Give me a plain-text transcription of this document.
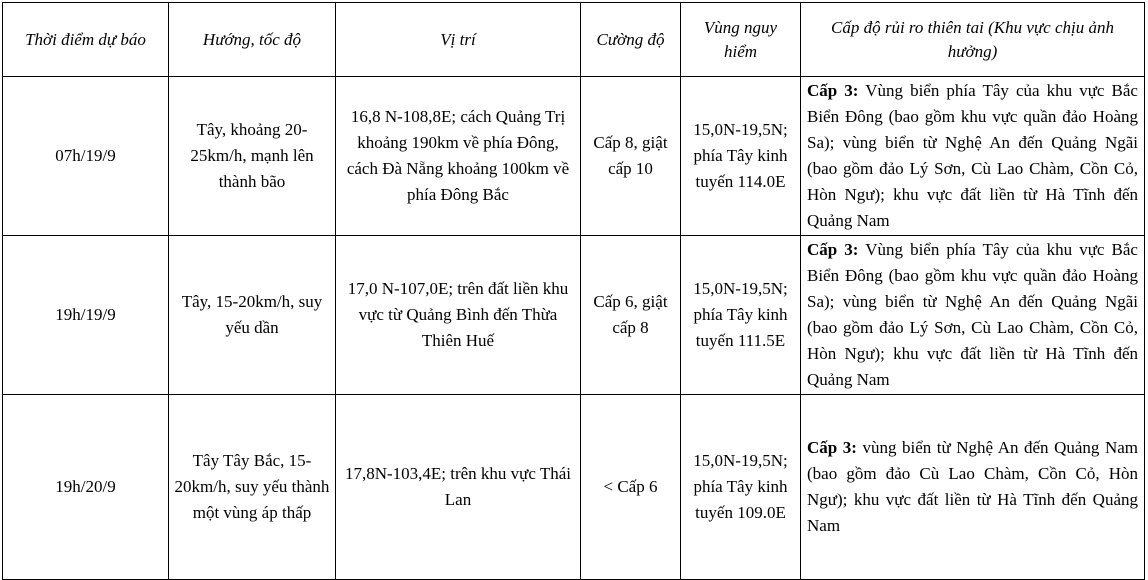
Thời điểm dự báo	Hướng, tốc độ	Vị trí	Cường độ	Vùng nguy hiểm	Cấp độ rủi ro thiên tai (Khu vực chịu ảnh hưởng)
07h/19/9	Tây, khoảng 20-25km/h, mạnh lên thành bão	16,8 N-108,8E; cách Quảng Trị khoảng 190km về phía Đông, cách Đà Nẵng khoảng 100km về phía Đông Bắc	Cấp 8, giật cấp 10	15,0N-19,5N; phía Tây kinh tuyến 114.0E	Cấp 3: Vùng biển phía Tây của khu vực Bắc Biển Đông (bao gồm khu vực quần đảo Hoàng Sa); vùng biển từ Nghệ An đến Quảng Ngãi (bao gồm đảo Lý Sơn, Cù Lao Chàm, Cồn Cỏ, Hòn Ngư); khu vực đất liền từ Hà Tĩnh đến Quảng Nam
19h/19/9	Tây, 15-20km/h, suy yếu dần	17,0 N-107,0E; trên đất liền khu vực từ Quảng Bình đến Thừa Thiên Huế	Cấp 6, giật cấp 8	15,0N-19,5N; phía Tây kinh tuyến 111.5E	Cấp 3: Vùng biển phía Tây của khu vực Bắc Biển Đông (bao gồm khu vực quần đảo Hoàng Sa); vùng biển từ Nghệ An đến Quảng Ngãi (bao gồm đảo Lý Sơn, Cù Lao Chàm, Cồn Cỏ, Hòn Ngư); khu vực đất liền từ Hà Tĩnh đến Quảng Nam
19h/20/9	Tây Tây Bắc, 15-20km/h, suy yếu thành một vùng áp thấp	17,8N-103,4E; trên khu vực Thái Lan	< Cấp 6	15,0N-19,5N; phía Tây kinh tuyến 109.0E	Cấp 3: vùng biển từ Nghệ An đến Quảng Nam (bao gồm đảo Cù Lao Chàm, Cồn Cỏ, Hòn Ngư); khu vực đất liền từ Hà Tĩnh đến Quảng Nam
